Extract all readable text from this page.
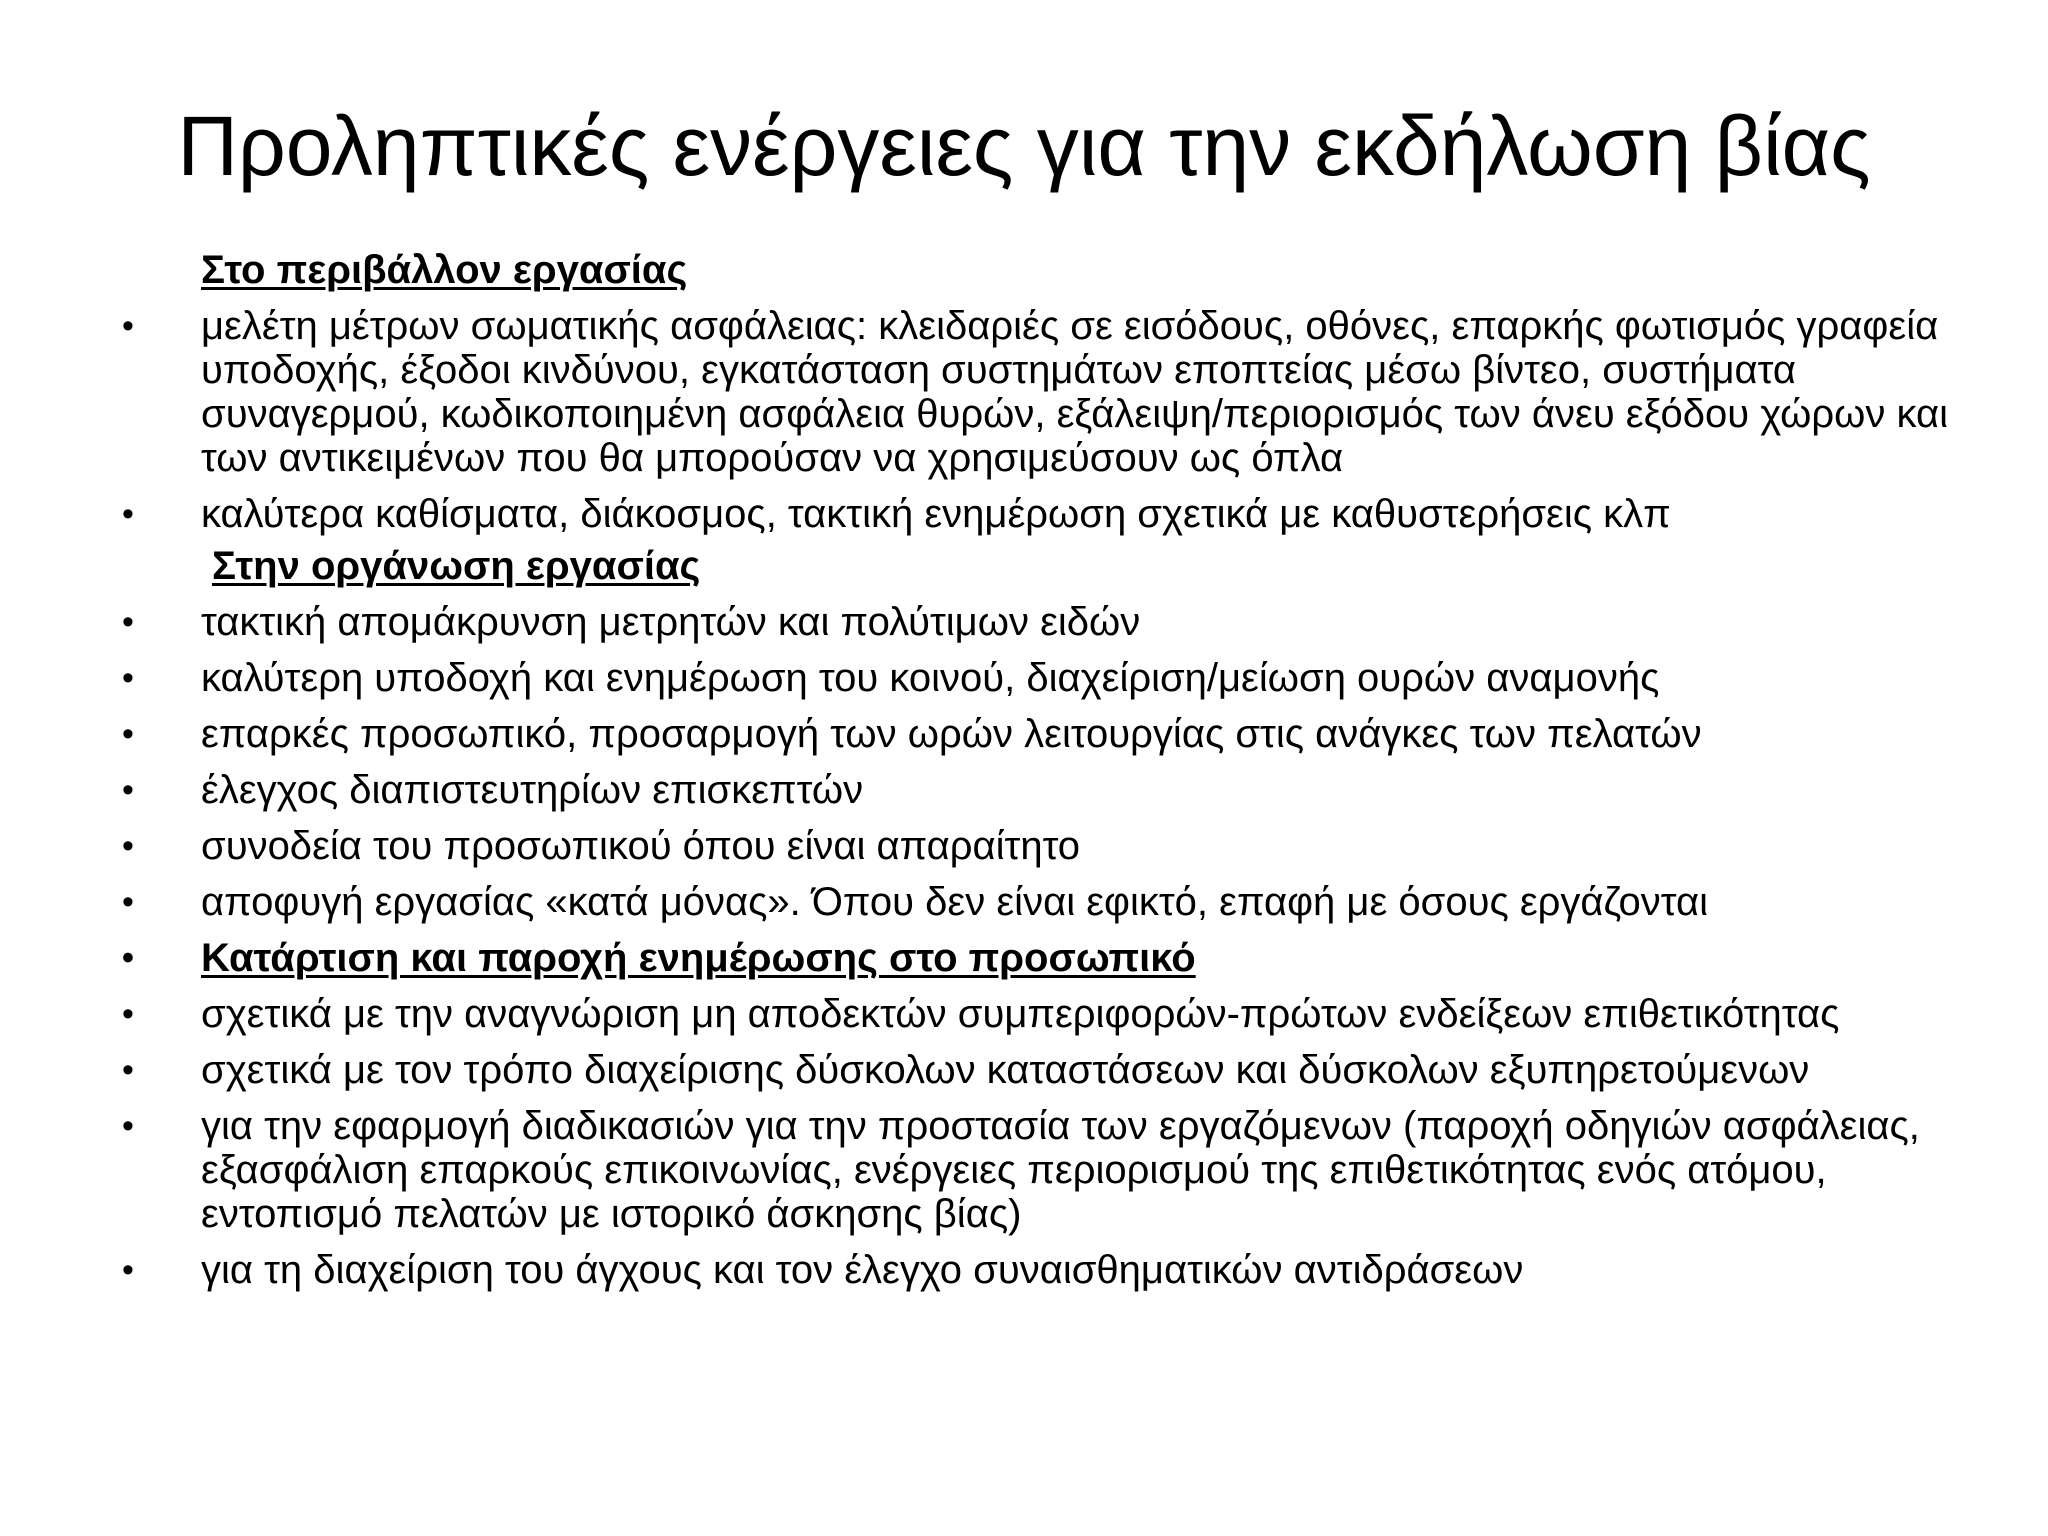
Προληπτικές ενέργειες για την εκδήλωση βίας
Στο περιβάλλον εργασίας
• μελέτη μέτρων σωματικής ασφάλειας: κλειδαριές σε εισόδους, οθόνες, επαρκής φωτισμός γραφεία υποδοχής, έξοδοι κινδύνου, εγκατάσταση συστημάτων εποπτείας μέσω βίντεο, συστήματα συναγερμού, κωδικοποιημένη ασφάλεια θυρών, εξάλειψη/περιορισμός των άνευ εξόδου χώρων και των αντικειμένων που θα μπορούσαν να χρησιμεύσουν ως όπλα
• καλύτερα καθίσματα, διάκοσμος, τακτική ενημέρωση σχετικά με καθυστερήσεις κλπ
Στην οργάνωση εργασίας
• τακτική απομάκρυνση μετρητών και πολύτιμων ειδών
• καλύτερη υποδοχή και ενημέρωση του κοινού, διαχείριση/μείωση ουρών αναμονής
• επαρκές προσωπικό, προσαρμογή των ωρών λειτουργίας στις ανάγκες των πελατών
• έλεγχος διαπιστευτηρίων επισκεπτών
• συνοδεία του προσωπικού όπου είναι απαραίτητο
• αποφυγή εργασίας «κατά μόνας». Όπου δεν είναι εφικτό, επαφή με όσους εργάζονται
• Κατάρτιση και παροχή ενημέρωσης στο προσωπικό
• σχετικά με την αναγνώριση μη αποδεκτών συμπεριφορών-πρώτων ενδείξεων επιθετικότητας
• σχετικά με τον τρόπο διαχείρισης δύσκολων καταστάσεων και δύσκολων εξυπηρετούμενων
• για την εφαρμογή διαδικασιών για την προστασία των εργαζόμενων (παροχή οδηγιών ασφάλειας, εξασφάλιση επαρκούς επικοινωνίας, ενέργειες περιορισμού της επιθετικότητας ενός ατόμου, εντοπισμό πελατών με ιστορικό άσκησης βίας)
• για τη διαχείριση του άγχους και τον έλεγχο συναισθηματικών αντιδράσεων
